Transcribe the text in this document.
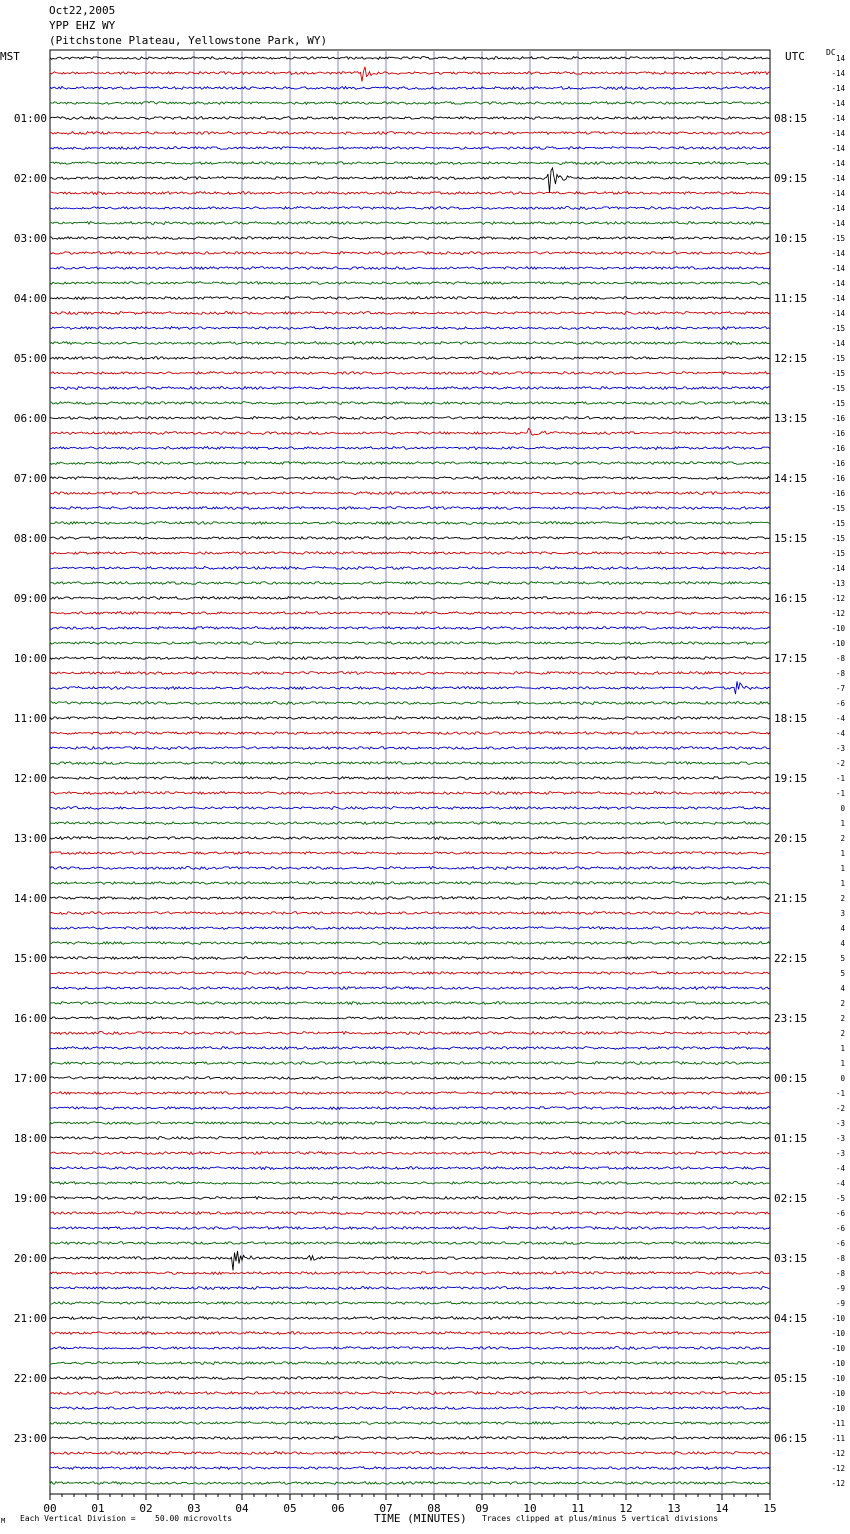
Oct22,2005
YPP EHZ WY
(Pitchstone Plateau, Yellowstone Park, WY)
MST	UTC	DC
14
-14
-14
-14
-14
-14
-14
-14
-14
-14
-14
-14
-15
-14
-14
-14
-14
-14
-15
-14
-15
-15
-15
-15
-16
-16
-16
-16
-16
-16
-15
-15
-15
-15
-14
-13
-12
-12
-10
-10
-8
-8
-7
-6
-4
-4
-3
-2
-1
-1
0
1
2
1
1
1
2
3
4
4
5
5
4
2
2
2
1
1
0
-1
-2
-3
-3
-3
-4
-4
-5
-6
-6
-6
-8
-8
-9
-9
-10
-10
-10
-10
-10
-10
-10
-11
-11
-12
-12
-12
01:00	08:15
02:00	09:15
03:00	10:15
04:00	11:15
05:00	12:15
06:00	13:15
07:00	14:15
08:00	15:15
09:00	16:15
10:00	17:15
11:00	18:15
12:00	19:15
13:00	20:15
14:00	21:15
15:00	22:15
16:00	23:15
17:00	00:15
18:00	01:15
19:00	02:15
20:00	03:15
21:00	04:15
22:00	05:15
23:00	06:15
00	01	02	03	04	05	06	07	08	09	10	11	12	13	14	15
TIME (MINUTES)
M Each Vertical Division = 50.00 microvolts	Traces clipped at plus/minus 5 vertical divisions
